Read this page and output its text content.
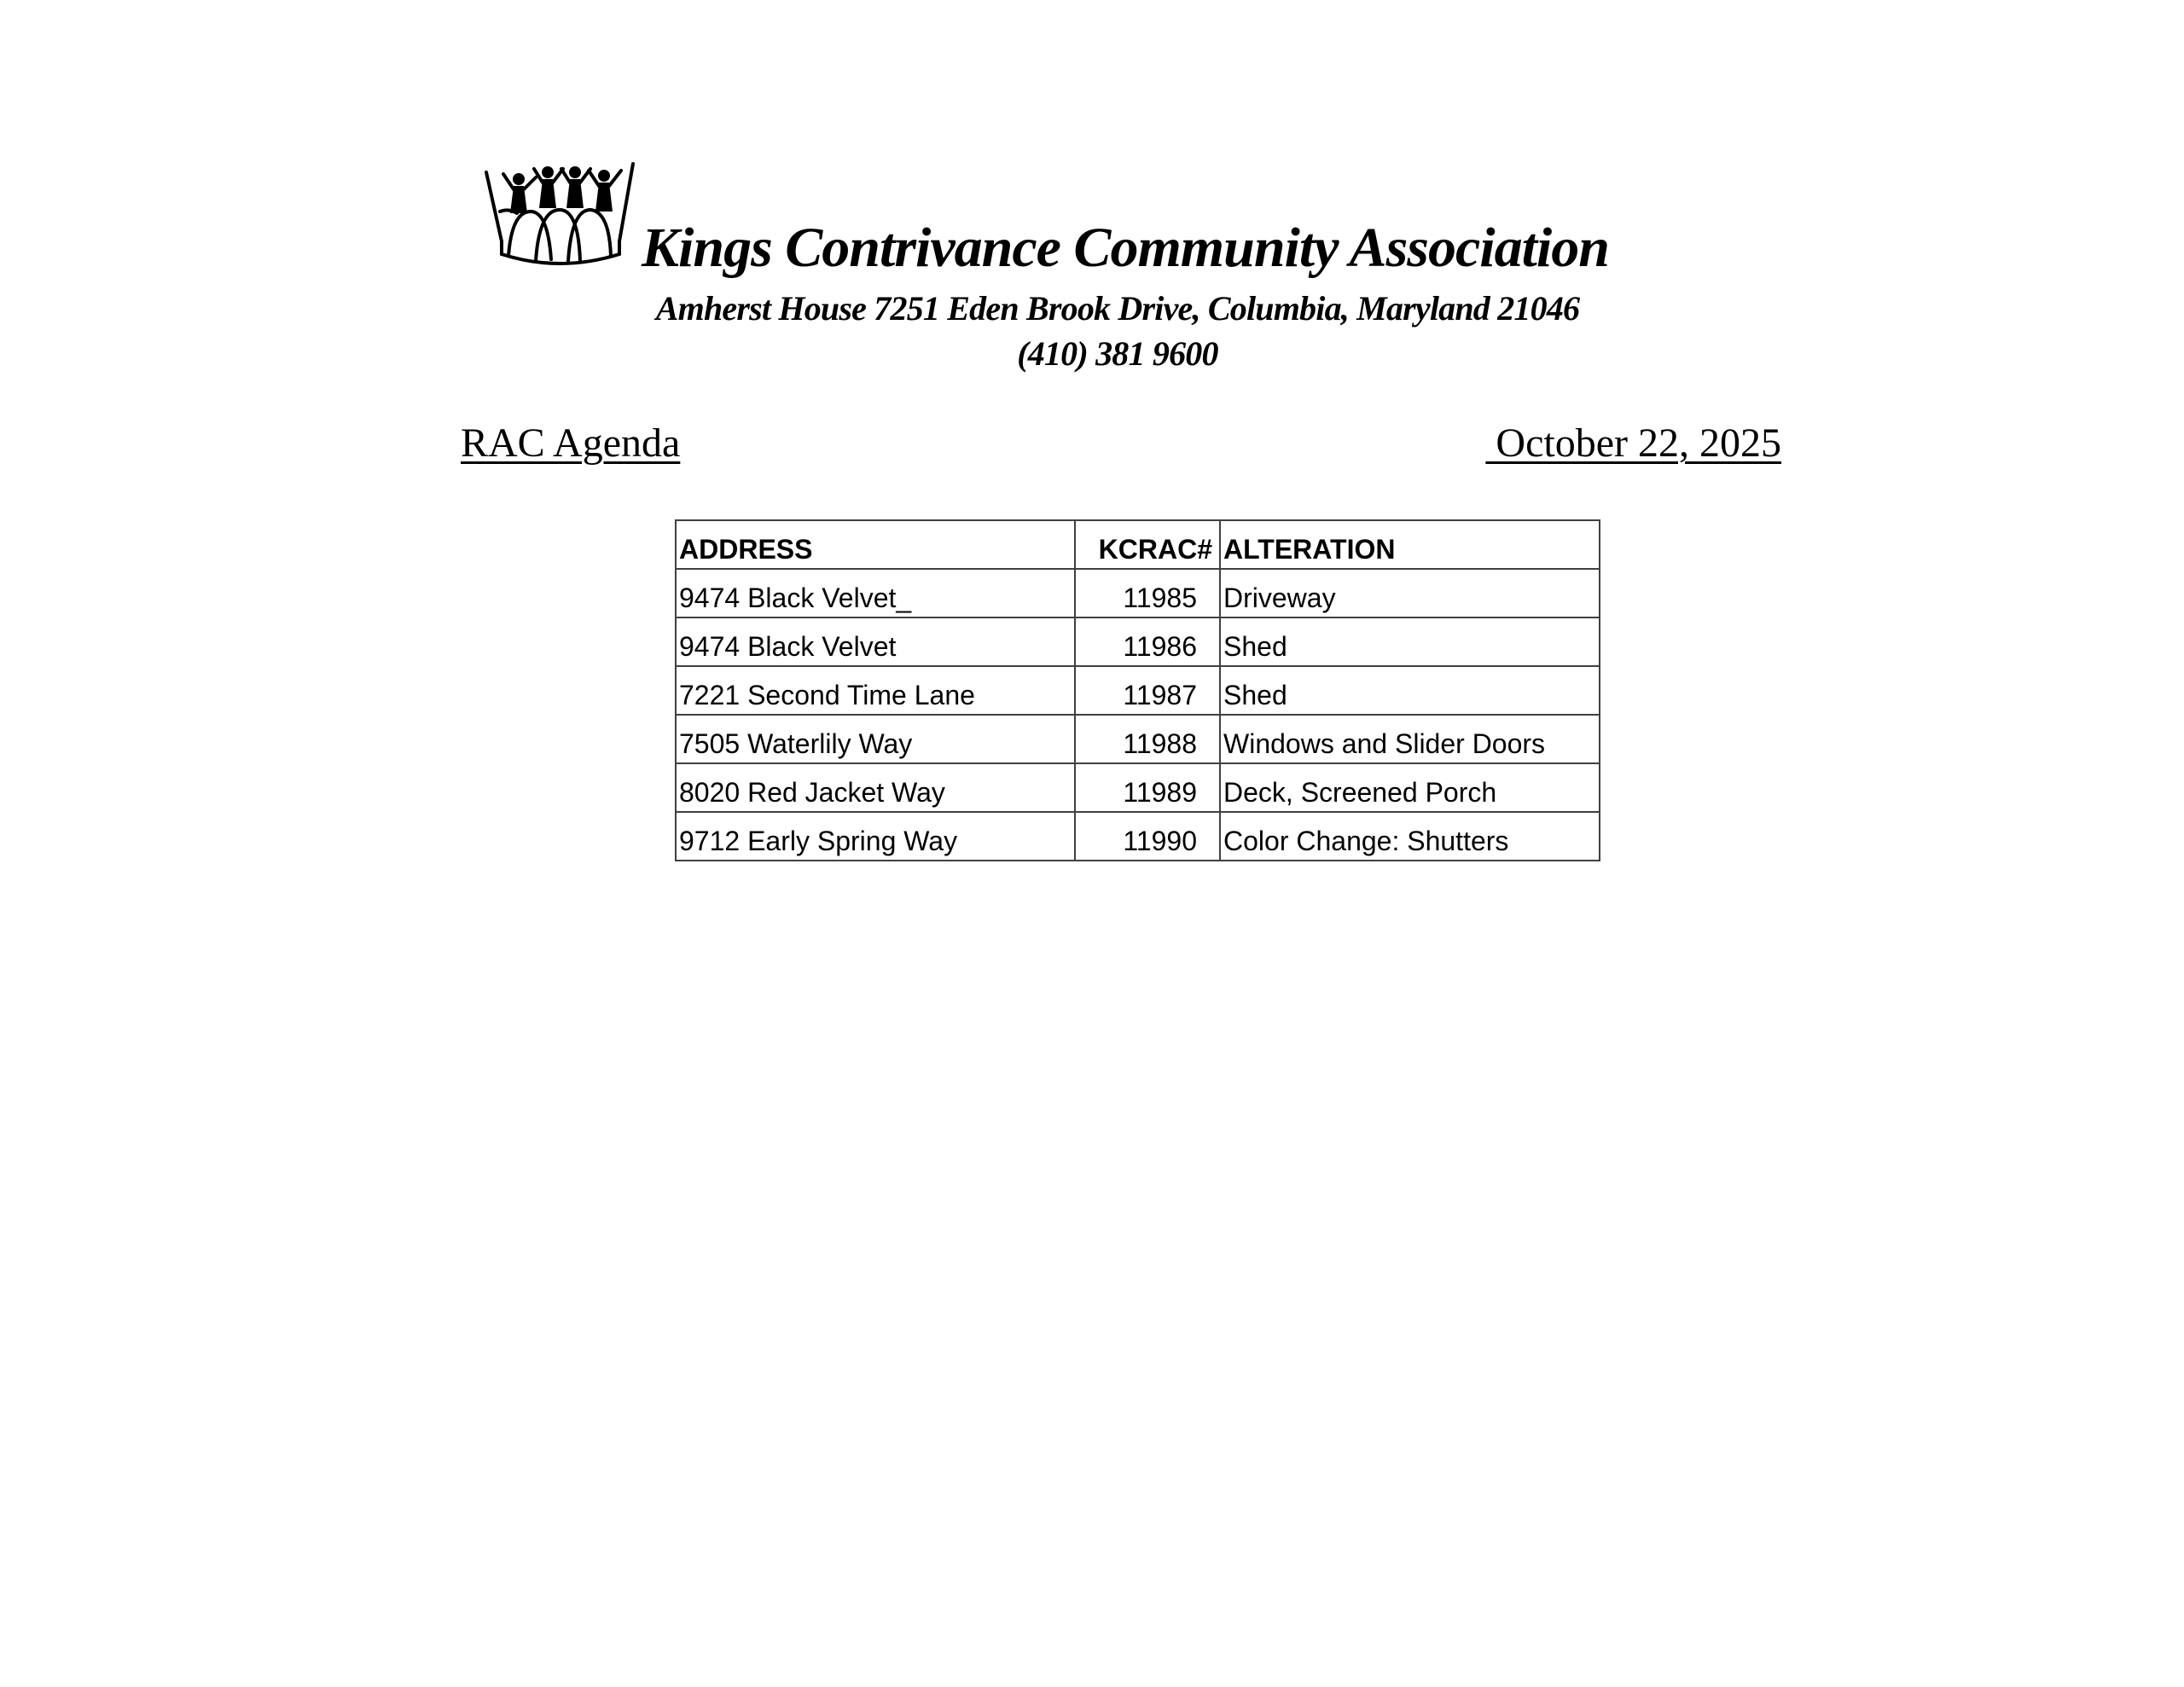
Kings Contrivance Community Association
Amherst House 7251 Eden Brook Drive, Columbia, Maryland 21046
(410) 381 9600
RAC Agenda	October 22, 2025
ADDRESS	KCRAC#	ALTERATION
9474 Black Velvet_	11985	Driveway
9474 Black Velvet	11986	Shed
7221 Second Time Lane	11987	Shed
7505 Waterlily Way	11988	Windows and Slider Doors
8020 Red Jacket Way	11989	Deck, Screened Porch
9712 Early Spring Way	11990	Color Change: Shutters
